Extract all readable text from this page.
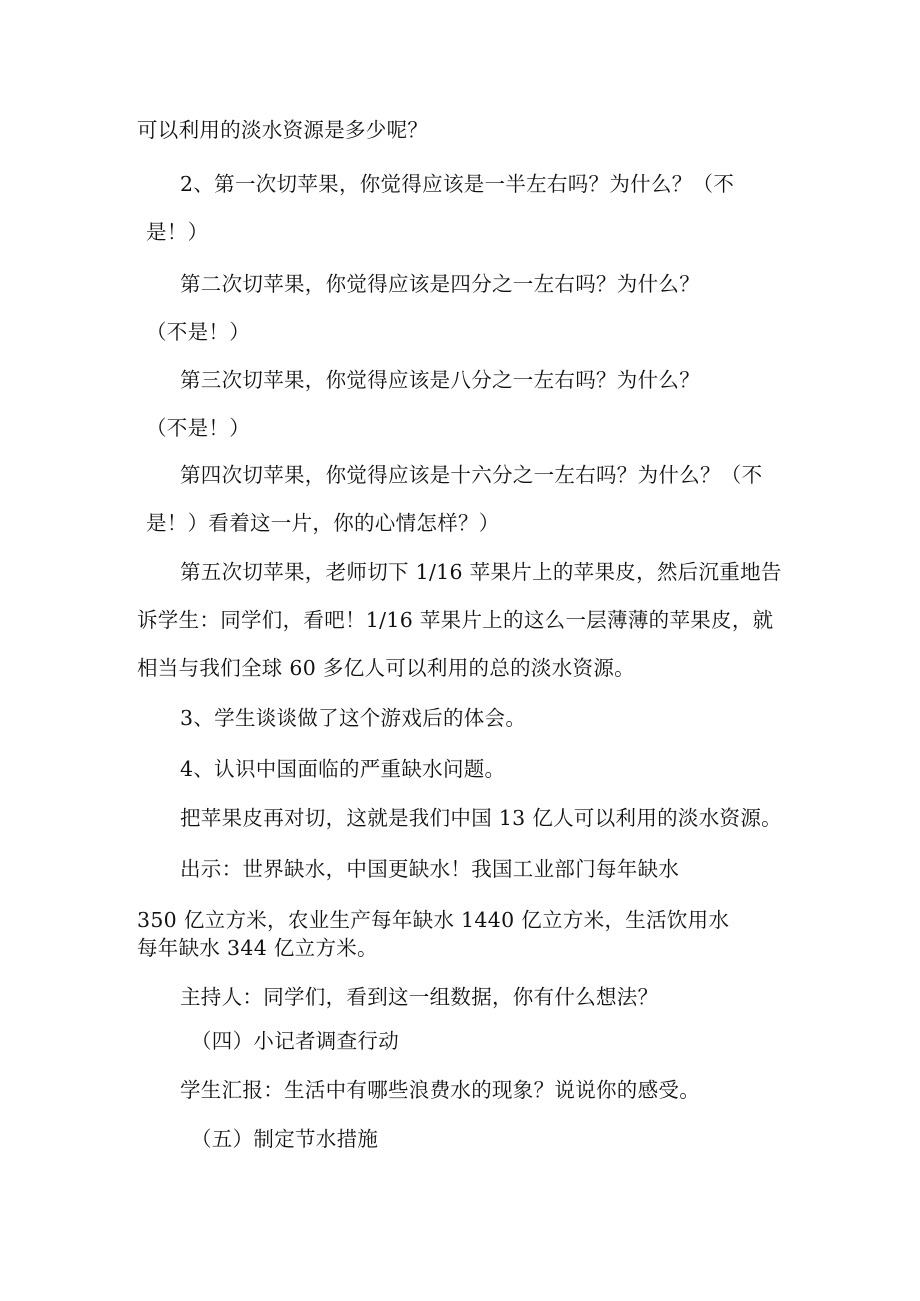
可以利用的淡水资源是多少呢？
2、第一次切苹果，你觉得应该是一半左右吗？为什么？（不
是！）
第二次切苹果，你觉得应该是四分之一左右吗？为什么？
（不是！）
第三次切苹果，你觉得应该是八分之一左右吗？为什么？
（不是！）
第四次切苹果，你觉得应该是十六分之一左右吗？为什么？（不
是！）看着这一片，你的心情怎样？）
第五次切苹果，老师切下 1/16 苹果片上的苹果皮，然后沉重地告
诉学生：同学们，看吧！1/16 苹果片上的这么一层薄薄的苹果皮，就
相当与我们全球 60 多亿人可以利用的总的淡水资源。
3、学生谈谈做了这个游戏后的体会。
4、认识中国面临的严重缺水问题。
把苹果皮再对切，这就是我们中国 13 亿人可以利用的淡水资源。
出示：世界缺水，中国更缺水！我国工业部门每年缺水
350 亿立方米，农业生产每年缺水 1440 亿立方米，生活饮用水
每年缺水 344 亿立方米。
主持人：同学们，看到这一组数据，你有什么想法？
（四）小记者调查行动
学生汇报：生活中有哪些浪费水的现象？说说你的感受。
（五）制定节水措施
